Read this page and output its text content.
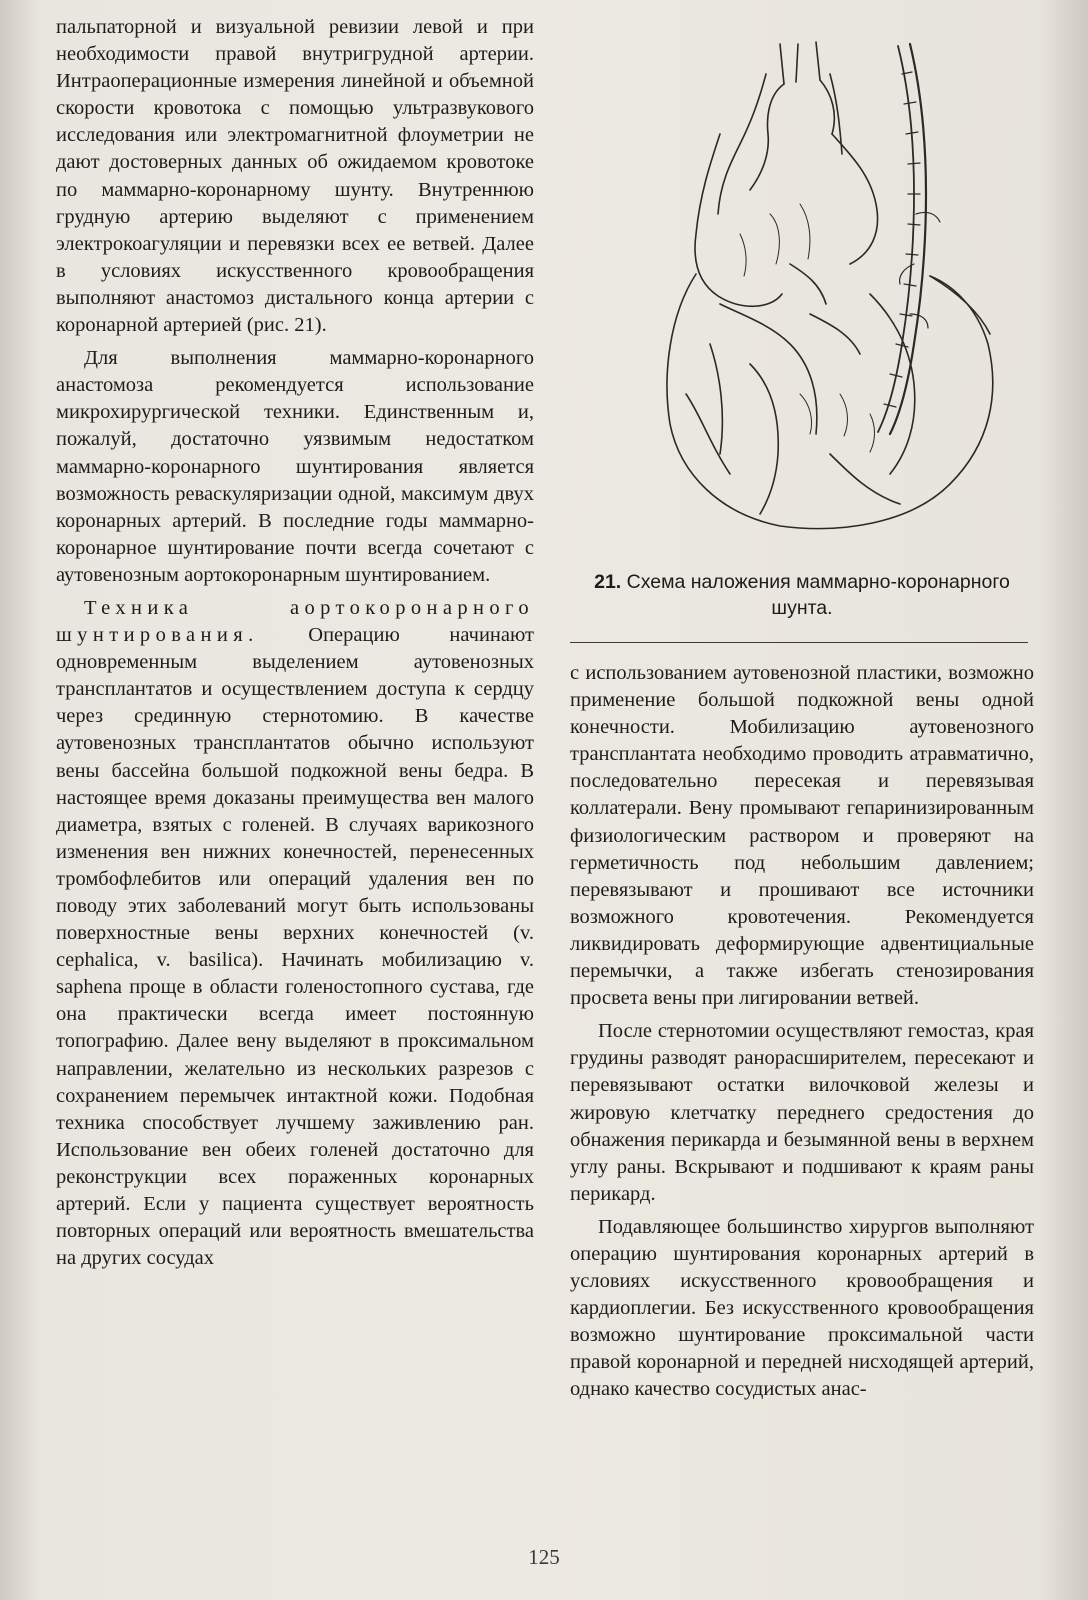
пальпаторной и визуальной ревизии левой и при необходимости правой внутригрудной артерии. Интраоперационные измерения линейной и объемной скорости кровотока с помощью ультразвукового исследования или электромагнитной флоуметрии не дают достоверных данных об ожидаемом кровотоке по маммарно-коронарному шунту. Внутреннюю грудную артерию выделяют с применением электрокоагуляции и перевязки всех ее ветвей. Далее в условиях искусственного кровообращения выполняют анастомоз дистального конца артерии с коронарной артерией (рис. 21).

Для выполнения маммарно-коронарного анастомоза рекомендуется использование микрохирургической техники. Единственным и, пожалуй, достаточно уязвимым недостатком маммарно-коронарного шунтирования является возможность реваскуляризации одной, максимум двух коронарных артерий. В последние годы маммарно-коронарное шунтирование почти всегда сочетают с аутовенозным аортокоронарным шунтированием.

Техника аортокоронарного шунтирования. Операцию начинают одновременным выделением аутовенозных трансплантатов и осуществлением доступа к сердцу через срединную стернотомию. В качестве аутовенозных трансплантатов обычно используют вены бассейна большой подкожной вены бедра. В настоящее время доказаны преимущества вен малого диаметра, взятых с голеней. В случаях варикозного изменения вен нижних конечностей, перенесенных тромбофлебитов или операций удаления вен по поводу этих заболеваний могут быть использованы поверхностные вены верхних конечностей (v. cephalica, v. basilica). Начинать мобилизацию v. saphena проще в области голеностопного сустава, где она практически всегда имеет постоянную топографию. Далее вену выделяют в проксимальном направлении, желательно из нескольких разрезов с сохранением перемычек интактной кожи. Подобная техника способствует лучшему заживлению ран. Использование вен обеих голеней достаточно для реконструкции всех пораженных коронарных артерий. Если у пациента существует вероятность повторных операций или вероятность вмешательства на других сосудах

21. Схема наложения маммарно-коронарного шунта.

с использованием аутовенозной пластики, возможно применение большой подкожной вены одной конечности. Мобилизацию аутовенозного трансплантата необходимо проводить атравматично, последовательно пересекая и перевязывая коллатерали. Вену промывают гепаринизированным физиологическим раствором и проверяют на герметичность под небольшим давлением; перевязывают и прошивают все источники возможного кровотечения. Рекомендуется ликвидировать деформирующие адвентициальные перемычки, а также избегать стенозирования просвета вены при лигировании ветвей.

После стернотомии осуществляют гемостаз, края грудины разводят ранорасширителем, пересекают и перевязывают остатки вилочковой железы и жировую клетчатку переднего средостения до обнажения перикарда и безымянной вены в верхнем углу раны. Вскрывают и подшивают к краям раны перикард.

Подавляющее большинство хирургов выполняют операцию шунтирования коронарных артерий в условиях искусственного кровообращения и кардиоплегии. Без искусственного кровообращения возможно шунтирование проксимальной части правой коронарной и передней нисходящей артерий, однако качество сосудистых анас-

125
